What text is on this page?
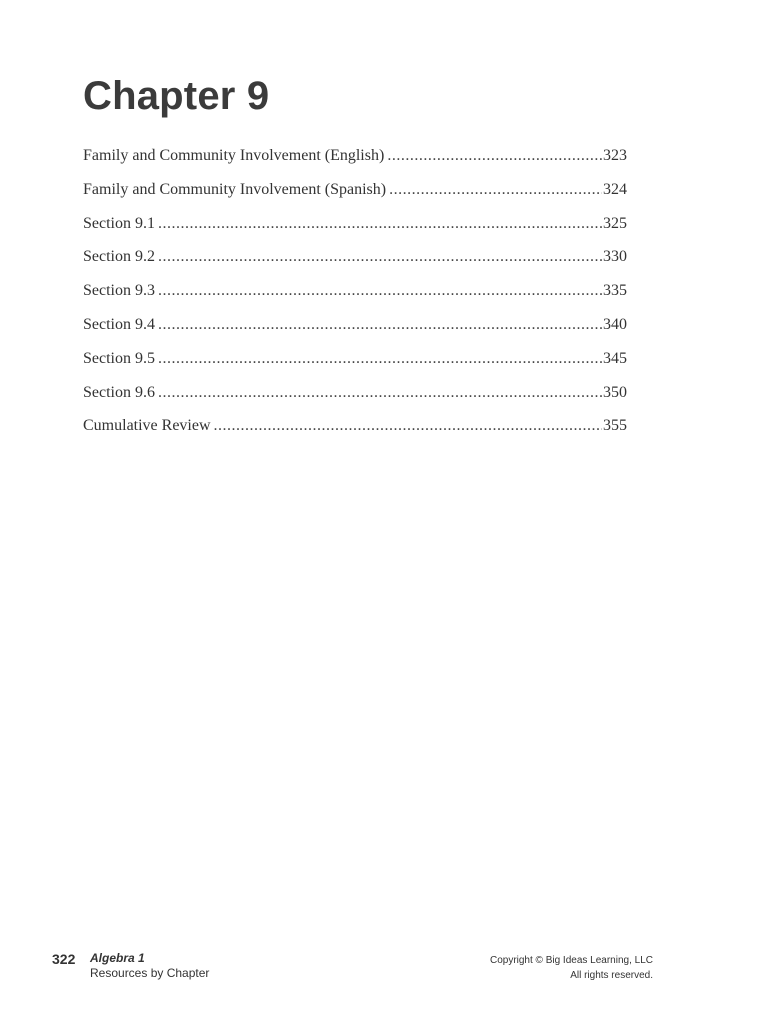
Chapter 9
Family and Community Involvement (English) .....	323
Family and Community Involvement (Spanish) .....	324
Section 9.1 .....	325
Section 9.2 .....	330
Section 9.3 .....	335
Section 9.4 .....	340
Section 9.5 .....	345
Section 9.6 .....	350
Cumulative Review .....	355
322 Algebra 1
Resources by Chapter
Copyright © Big Ideas Learning, LLC
All rights reserved.
